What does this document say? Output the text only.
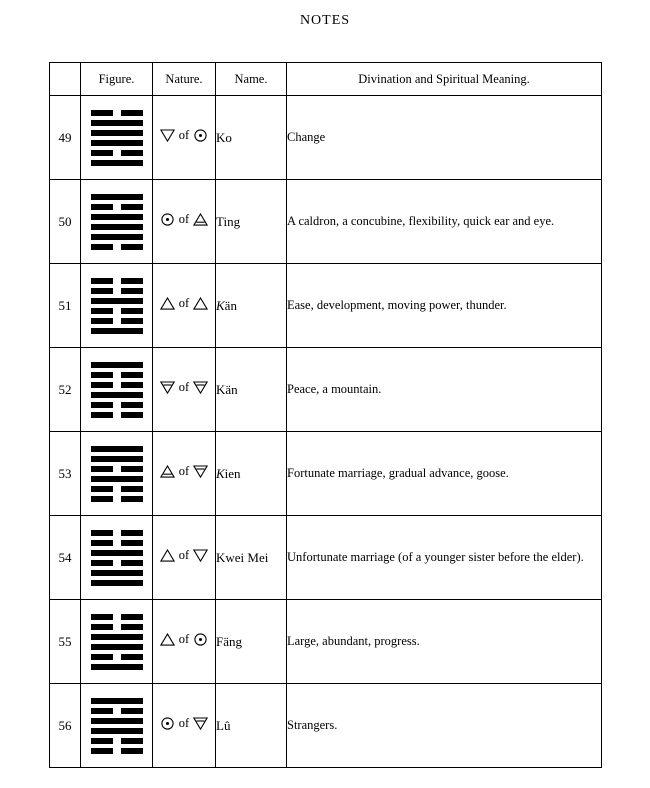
NOTES
	Figure.	Nature.	Name.	Divination and Spiritual Meaning.
49		of	Ko	Change
50		of	Ting	A caldron, a concubine, flexibility, quick ear and eye.
51		of	Kän	Ease, development, moving power, thunder.
52		of	Kän	Peace, a mountain.
53		of	Kien	Fortunate marriage, gradual advance, goose.
54		of	Kwei Mei	Unfortunate marriage (of a younger sister before the elder).
55		of	Fäng	Large, abundant, progress.
56		of	Lû	Strangers.
